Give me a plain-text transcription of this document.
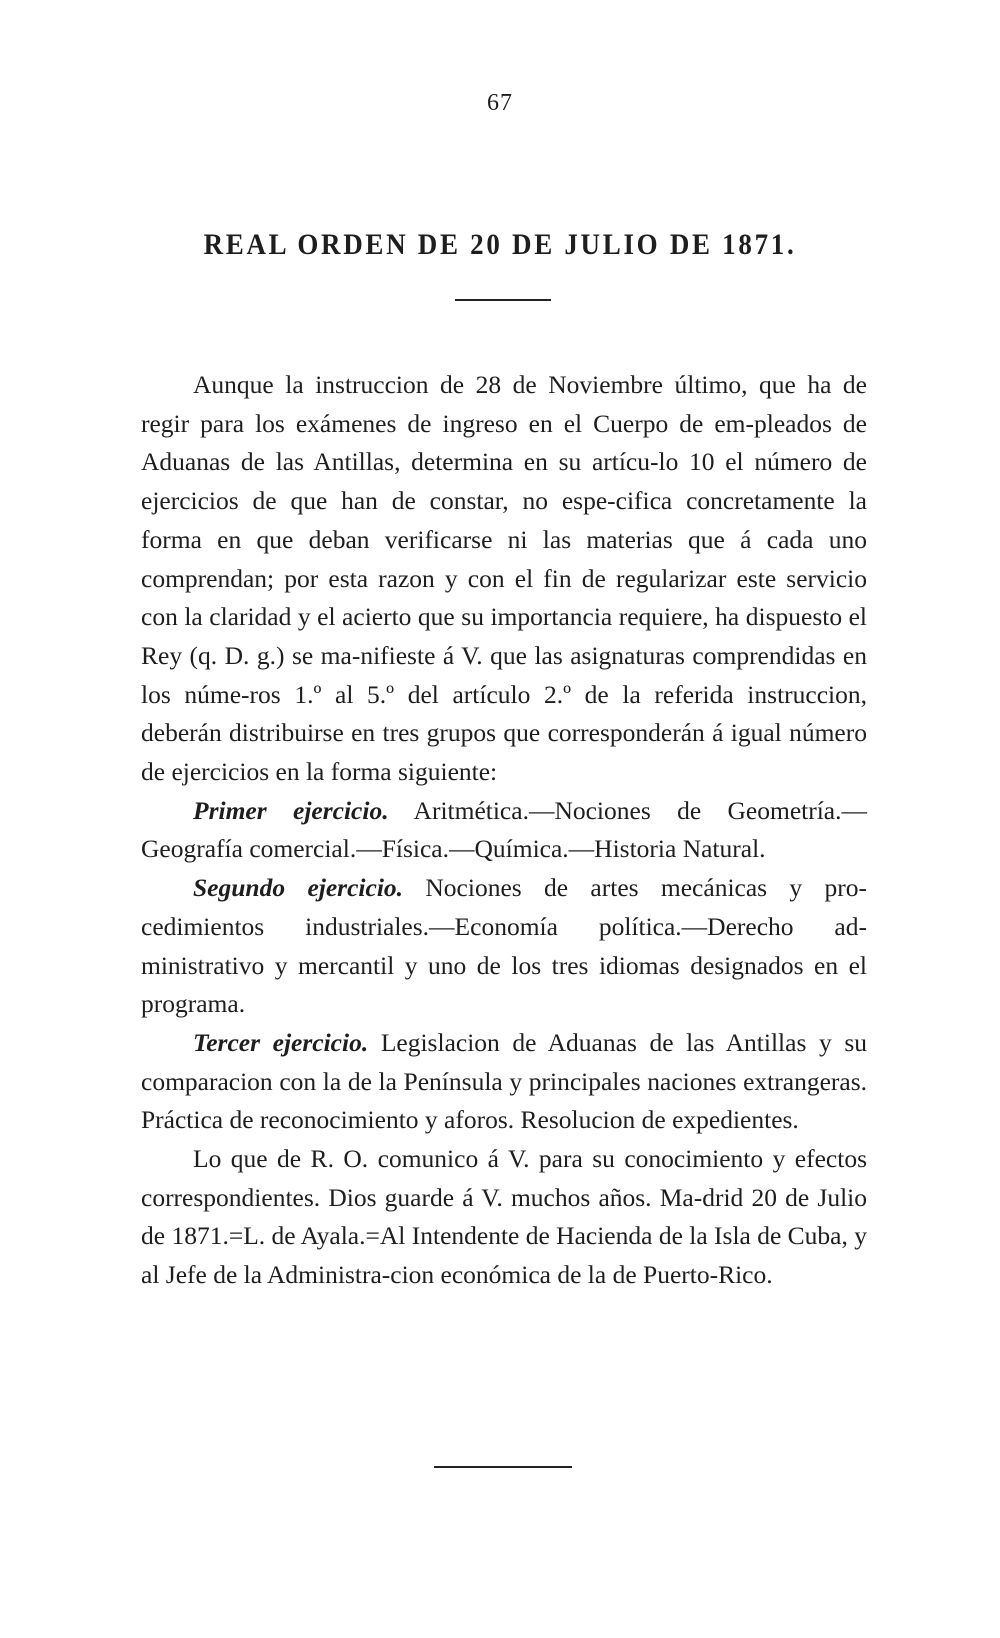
67
REAL ORDEN DE 20 DE JULIO DE 1871.

Aunque la instruccion de 28 de Noviembre último, que ha de regir para los exámenes de ingreso en el Cuerpo de em-pleados de Aduanas de las Antillas, determina en su artícu-lo 10 el número de ejercicios de que han de constar, no espe-cifica concretamente la forma en que deban verificarse ni las materias que á cada uno comprendan; por esta razon y con el fin de regularizar este servicio con la claridad y el acierto que su importancia requiere, ha dispuesto el Rey (q. D. g.) se ma-nifieste á V. que las asignaturas comprendidas en los núme-ros 1.º al 5.º del artículo 2.º de la referida instruccion, deberán distribuirse en tres grupos que corresponderán á igual número de ejercicios en la forma siguiente:

Primer ejercicio. Aritmética.—Nociones de Geometría.—Geografía comercial.—Física.—Química.—Historia Natural.

Segundo ejercicio. Nociones de artes mecánicas y pro-cedimientos industriales.—Economía política.—Derecho ad-ministrativo y mercantil y uno de los tres idiomas designados en el programa.

Tercer ejercicio. Legislacion de Aduanas de las Antillas y su comparacion con la de la Península y principales naciones extrangeras. Práctica de reconocimiento y aforos. Resolucion de expedientes.

Lo que de R. O. comunico á V. para su conocimiento y efectos correspondientes. Dios guarde á V. muchos años. Ma-drid 20 de Julio de 1871.=L. de Ayala.=Al Intendente de Hacienda de la Isla de Cuba, y al Jefe de la Administra-cion económica de la de Puerto-Rico.
